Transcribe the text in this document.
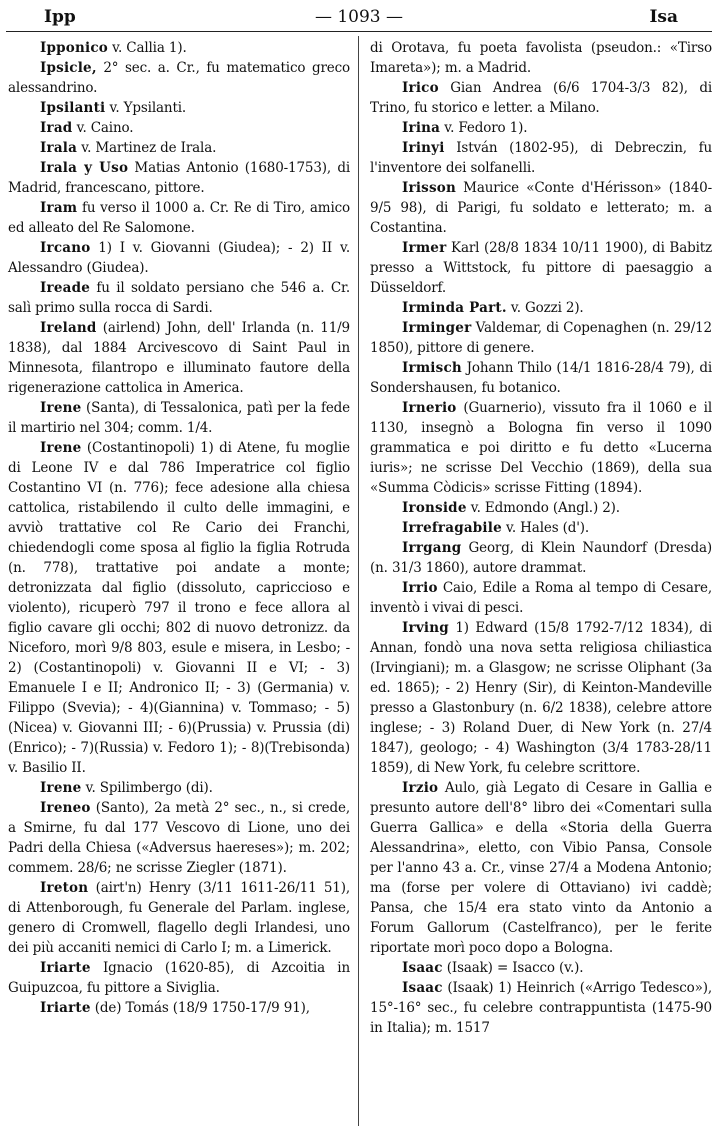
Ipp	— 1093 —	Isa

Ipponico v. Callia 1).

Ipsicle, 2° sec. a. Cr., fu matematico greco alessandrino.

Ipsilanti v. Ypsilanti.

Irad v. Caino.

Irala v. Martinez de Irala.

Irala y Uso Matias Antonio (1680-1753), di Madrid, francescano, pittore.

Iram fu verso il 1000 a. Cr. Re di Tiro, amico ed alleato del Re Salomone.

Ircano 1) I v. Giovanni (Giudea); - 2) II v. Alessandro (Giudea).

Ireade fu il soldato persiano che 546 a. Cr. salì primo sulla rocca di Sardi.

Ireland (airlend) John, dell' Irlanda (n. 11/9 1838), dal 1884 Arcivescovo di Saint Paul in Minnesota, filantropo e illuminato fautore della rigenerazione cattolica in America.

Irene (Santa), di Tessalonica, patì per la fede il martirio nel 304; comm. 1/4.

Irene (Costantinopoli) 1) di Atene, fu moglie di Leone IV e dal 786 Imperatrice col figlio Costantino VI (n. 776); fece adesione alla chiesa cattolica, ristabilendo il culto delle immagini, e avviò trattative col Re Cario dei Franchi, chiedendogli come sposa al figlio la figlia Rotruda (n. 778), trattative poi andate a monte; detronizzata dal figlio (dissoluto, capriccioso e violento), ricuperò 797 il trono e fece allora al figlio cavare gli occhi; 802 di nuovo detronizz. da Niceforo, morì 9/8 803, esule e misera, in Lesbo; - 2) (Costantinopoli) v. Giovanni II e VI; - 3) Emanuele I e II; Andronico II; - 3) (Germania) v. Filippo (Svevia); - 4)(Giannina) v. Tommaso; - 5)(Nicea) v. Giovanni III; - 6)(Prussia) v. Prussia (di) (Enrico); - 7)(Russia) v. Fedoro 1); - 8)(Trebisonda) v. Basilio II.

Irene v. Spilimbergo (di).

Ireneo (Santo), 2a metà 2° sec., n., si crede, a Smirne, fu dal 177 Vescovo di Lione, uno dei Padri della Chiesa («Adversus haereses»); m. 202; commem. 28/6; ne scrisse Ziegler (1871).

Ireton (airt'n) Henry (3/11 1611-26/11 51), di Attenborough, fu Generale del Parlam. inglese, genero di Cromwell, flagello degli Irlandesi, uno dei più accaniti nemici di Carlo I; m. a Limerick.

Iriarte Ignacio (1620-85), di Azcoitia in Guipuzcoa, fu pittore a Siviglia.

Iriarte (de) Tomás (18/9 1750-17/9 91),

di Orotava, fu poeta favolista (pseudon.: «Tirso Imareta»); m. a Madrid.

Irico Gian Andrea (6/6 1704-3/3 82), di Trino, fu storico e letter. a Milano.

Irina v. Fedoro 1).

Irinyi István (1802-95), di Debreczin, fu l'inventore dei solfanelli.

Irisson Maurice «Conte d'Hérisson» (1840-9/5 98), di Parigi, fu soldato e letterato; m. a Costantina.

Irmer Karl (28/8 1834 10/11 1900), di Babitz presso a Wittstock, fu pittore di paesaggio a Düsseldorf.

Irminda Part. v. Gozzi 2).

Irminger Valdemar, di Copenaghen (n. 29/12 1850), pittore di genere.

Irmisch Johann Thilo (14/1 1816-28/4 79), di Sondershausen, fu botanico.

Irnerio (Guarnerio), vissuto fra il 1060 e il 1130, insegnò a Bologna fin verso il 1090 grammatica e poi diritto e fu detto «Lucerna iuris»; ne scrisse Del Vecchio (1869), della sua «Summa Còdicis» scrisse Fitting (1894).

Ironside v. Edmondo (Angl.) 2).

Irrefragabile v. Hales (d').

Irrgang Georg, di Klein Naundorf (Dresda) (n. 31/3 1860), autore drammat.

Irrio Caio, Edile a Roma al tempo di Cesare, inventò i vivai di pesci.

Irving 1) Edward (15/8 1792-7/12 1834), di Annan, fondò una nova setta religiosa chiliastica (Irvingiani); m. a Glasgow; ne scrisse Oliphant (3a ed. 1865); - 2) Henry (Sir), di Keinton-Mandeville presso a Glastonbury (n. 6/2 1838), celebre attore inglese; - 3) Roland Duer, di New York (n. 27/4 1847), geologo; - 4) Washington (3/4 1783-28/11 1859), di New York, fu celebre scrittore.

Irzio Aulo, già Legato di Cesare in Gallia e presunto autore dell'8° libro dei «Comentari sulla Guerra Gallica» e della «Storia della Guerra Alessandrina», eletto, con Vibio Pansa, Console per l'anno 43 a. Cr., vinse 27/4 a Modena Antonio; ma (forse per volere di Ottaviano) ivi caddè; Pansa, che 15/4 era stato vinto da Antonio a Forum Gallorum (Castelfranco), per le ferite riportate morì poco dopo a Bologna.

Isaac (Isaak) = Isacco (v.).

Isaac (Isaak) 1) Heinrich («Arrigo Tedesco»), 15°-16° sec., fu celebre contrappuntista (1475-90 in Italia); m. 1517
